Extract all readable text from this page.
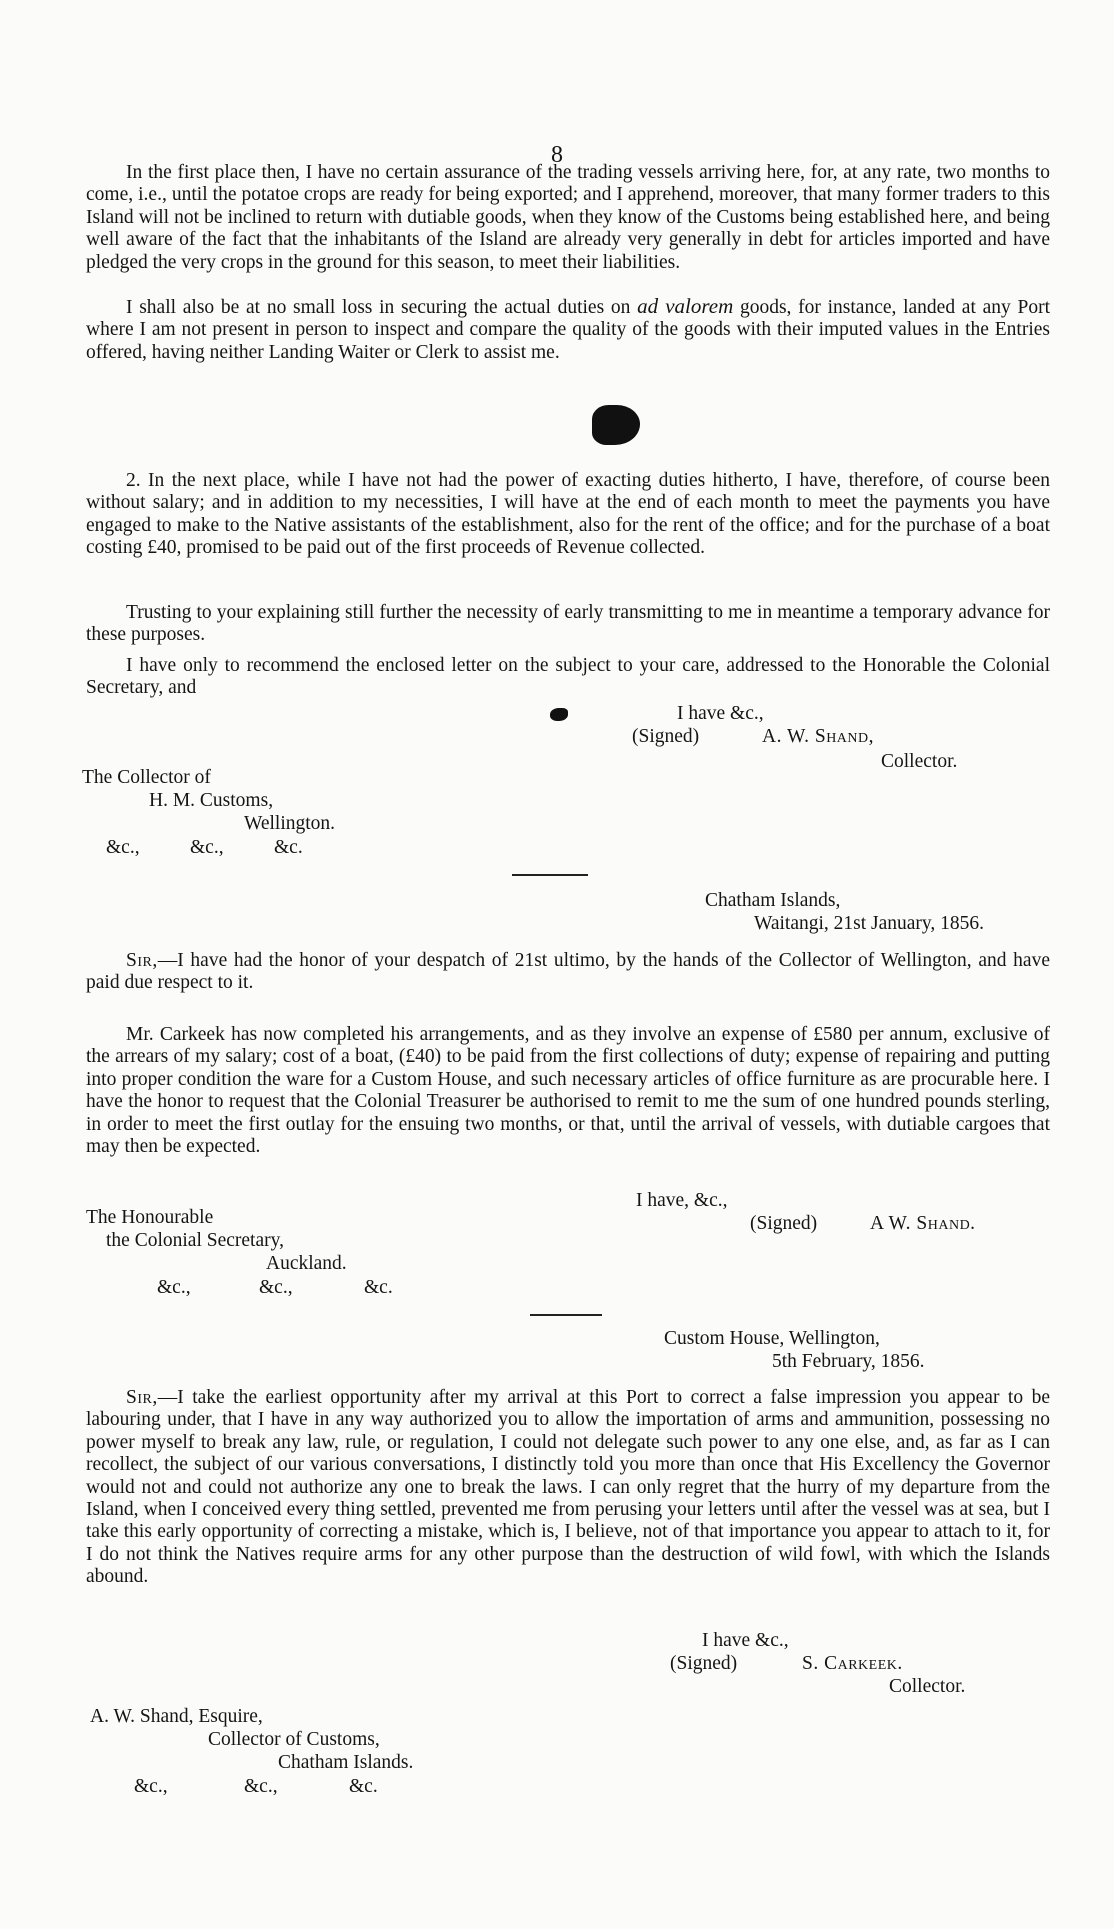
8
In the first place then, I have no certain assurance of the trading vessels arriving here, for, at any rate, two months to come, i.e., until the potatoe crops are ready for being exported; and I apprehend, moreover, that many former traders to this Island will not be inclined to return with dutiable goods, when they know of the Customs being established here, and being well aware of the fact that the inhabitants of the Island are already very generally in debt for articles imported and have pledged the very crops in the ground for this season, to meet their liabilities.
I shall also be at no small loss in securing the actual duties on ad valorem goods, for instance, landed at any Port where I am not present in person to inspect and compare the quality of the goods with their imputed values in the Entries offered, having neither Landing Waiter or Clerk to assist me.
2. In the next place, while I have not had the power of exacting duties hitherto, I have, therefore, of course been without salary; and in addition to my necessities, I will have at the end of each month to meet the payments you have engaged to make to the Native assistants of the establishment, also for the rent of the office; and for the purchase of a boat costing £40, promised to be paid out of the first proceeds of Revenue collected.
Trusting to your explaining still further the necessity of early transmitting to me in meantime a temporary advance for these purposes.
I have only to recommend the enclosed letter on the subject to your care, addressed to the Honorable the Colonial Secretary, and
I have &c.,
(Signed)	A. W. Shand,
Collector.
The Collector of
H. M. Customs,
Wellington.
&c.,	&c.,	&c.
Chatham Islands,
Waitangi, 21st January, 1856.
Sir,—I have had the honor of your despatch of 21st ultimo, by the hands of the Collector of Wellington, and have paid due respect to it.
Mr. Carkeek has now completed his arrangements, and as they involve an expense of £580 per annum, exclusive of the arrears of my salary; cost of a boat, (£40) to be paid from the first collections of duty; expense of repairing and putting into proper condition the ware for a Custom House, and such necessary articles of office furniture as are procurable here. I have the honor to request that the Colonial Treasurer be authorised to remit to me the sum of one hundred pounds sterling, in order to meet the first outlay for the ensuing two months, or that, until the arrival of vessels, with dutiable cargoes that may then be expected.
I have, &c.,
(Signed)	A W. Shand.
The Honourable
the Colonial Secretary,
Auckland.
&c.,	&c.,	&c.
Custom House, Wellington,
5th February, 1856.
Sir,—I take the earliest opportunity after my arrival at this Port to correct a false impression you appear to be labouring under, that I have in any way authorized you to allow the importation of arms and ammunition, possessing no power myself to break any law, rule, or regulation, I could not delegate such power to any one else, and, as far as I can recollect, the subject of our various conversations, I distinctly told you more than once that His Excellency the Governor would not and could not authorize any one to break the laws. I can only regret that the hurry of my departure from the Island, when I conceived every thing settled, prevented me from perusing your letters until after the vessel was at sea, but I take this early opportunity of correcting a mistake, which is, I believe, not of that importance you appear to attach to it, for I do not think the Natives require arms for any other purpose than the destruction of wild fowl, with which the Islands abound.
I have &c.,
(Signed)	S. Carkeek.
Collector.
A. W. Shand, Esquire,
Collector of Customs,
Chatham Islands.
&c.,	&c.,	&c.
